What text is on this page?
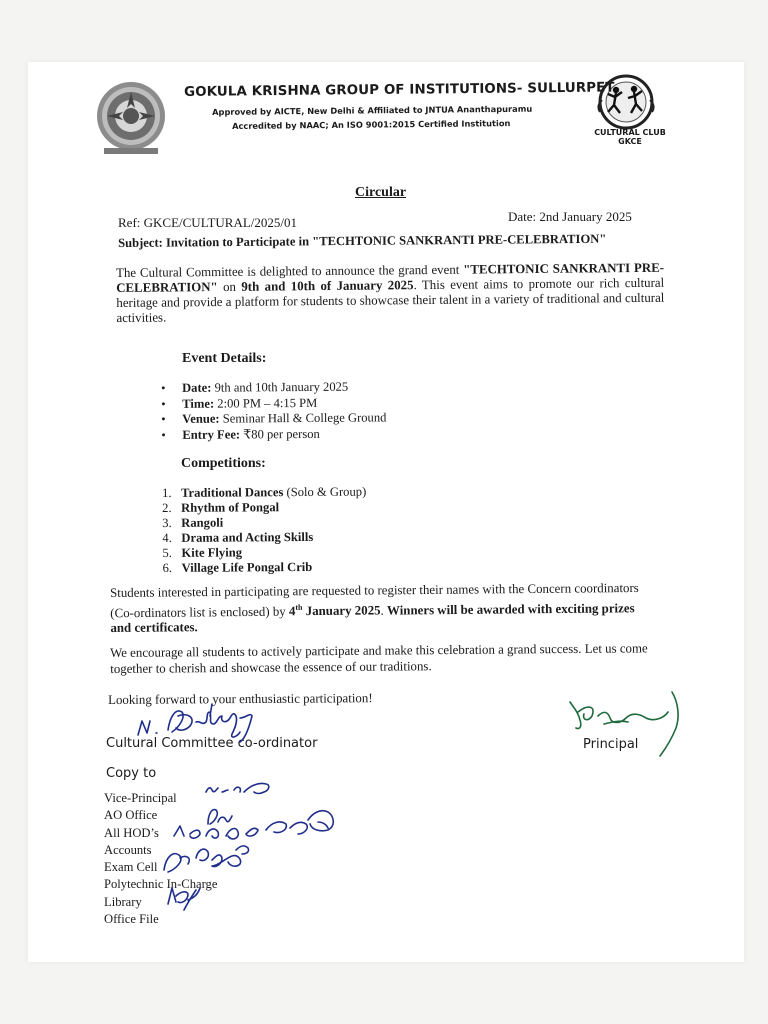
CULTURAL CLUB
GKCE
GOKULA KRISHNA GROUP OF INSTITUTIONS- SULLURPET
Approved by AICTE, New Delhi & Affiliated to JNTUA Ananthapuramu
Accredited by NAAC; An ISO 9001:2015 Certified Institution
Circular
Ref: GKCE/CULTURAL/2025/01	Date: 2nd January 2025
Subject: Invitation to Participate in "TECHTONIC SANKRANTI PRE-CELEBRATION"
The Cultural Committee is delighted to announce the grand event "TECHTONIC SANKRANTI PRE-CELEBRATION" on 9th and 10th of January 2025. This event aims to promote our rich cultural heritage and provide a platform for students to showcase their talent in a variety of traditional and cultural activities.
Event Details:
• Date: 9th and 10th January 2025
• Time: 2:00 PM – 4:15 PM
• Venue: Seminar Hall & College Ground
• Entry Fee: ₹80 per person
Competitions:
1. Traditional Dances (Solo & Group)
2. Rhythm of Pongal
3. Rangoli
4. Drama and Acting Skills
5. Kite Flying
6. Village Life Pongal Crib
Students interested in participating are requested to register their names with the Concern coordinators (Co-ordinators list is enclosed) by 4th January 2025. Winners will be awarded with exciting prizes and certificates.
We encourage all students to actively participate and make this celebration a grand success. Let us come together to cherish and showcase the essence of our traditions.
Looking forward to your enthusiastic participation!
Cultural Committee co-ordinator	Principal
Copy to
Vice-Principal
AO Office
All HOD’s
Accounts
Exam Cell
Polytechnic In-Charge
Library
Office File
